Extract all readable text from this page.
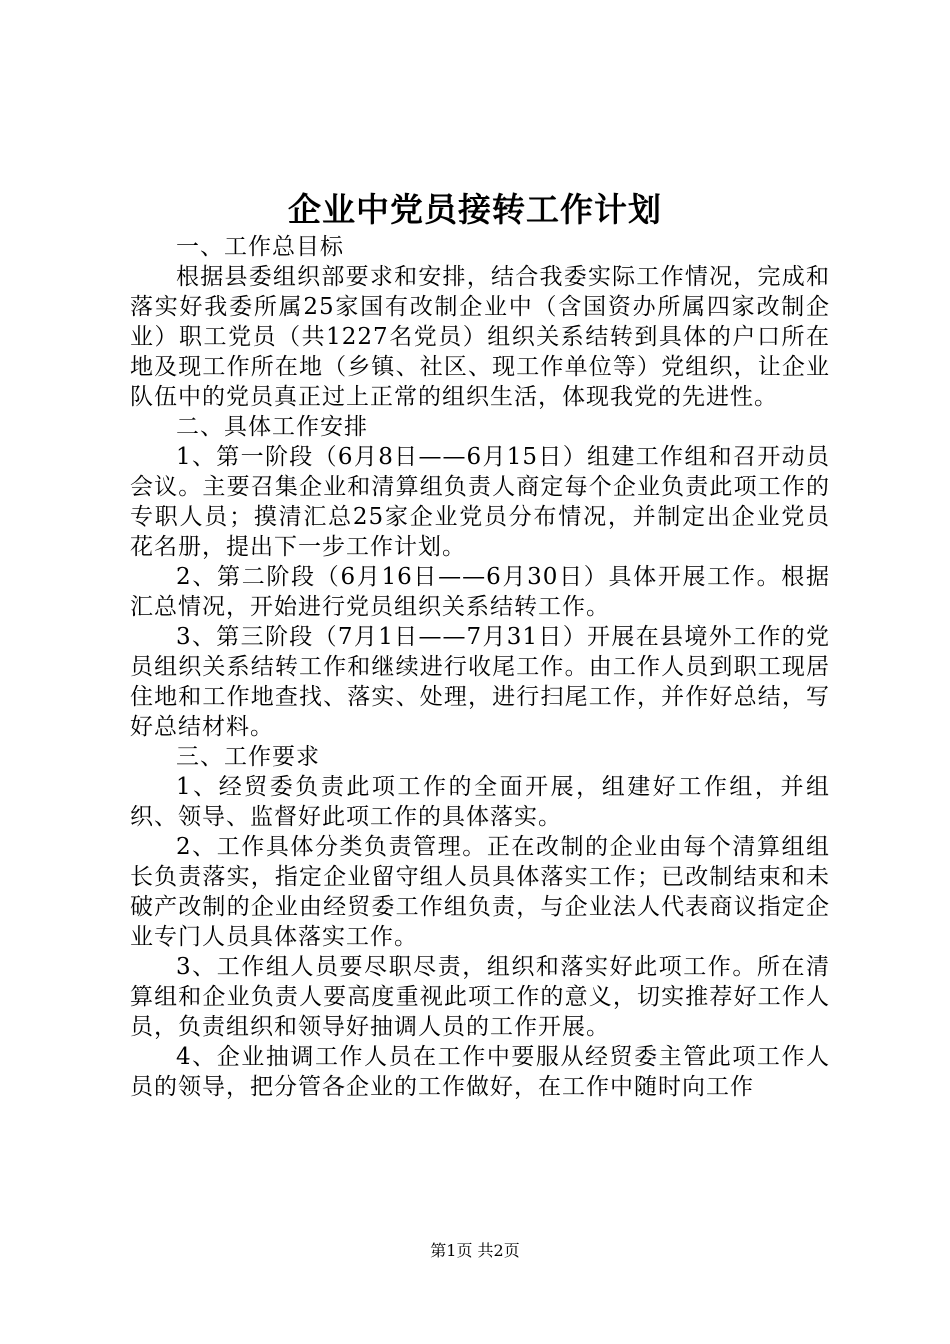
企业中党员接转工作计划

一、工作总目标

根据县委组织部要求和安排，结合我委实际工作情况，完成和落实好我委所属25家国有改制企业中（含国资办所属四家改制企业）职工党员（共1227名党员）组织关系结转到具体的户口所在地及现工作所在地（乡镇、社区、现工作单位等）党组织，让企业队伍中的党员真正过上正常的组织生活，体现我党的先进性。

二、具体工作安排

1、第一阶段（6月8日——6月15日）组建工作组和召开动员会议。主要召集企业和清算组负责人商定每个企业负责此项工作的专职人员；摸清汇总25家企业党员分布情况，并制定出企业党员花名册，提出下一步工作计划。

2、第二阶段（6月16日——6月30日）具体开展工作。根据汇总情况，开始进行党员组织关系结转工作。

3、第三阶段（7月1日——7月31日）开展在县境外工作的党员组织关系结转工作和继续进行收尾工作。由工作人员到职工现居住地和工作地查找、落实、处理，进行扫尾工作，并作好总结，写好总结材料。

三、工作要求

1、经贸委负责此项工作的全面开展，组建好工作组，并组织、领导、监督好此项工作的具体落实。

2、工作具体分类负责管理。正在改制的企业由每个清算组组长负责落实，指定企业留守组人员具体落实工作；已改制结束和未破产改制的企业由经贸委工作组负责，与企业法人代表商议指定企业专门人员具体落实工作。

3、工作组人员要尽职尽责，组织和落实好此项工作。所在清算组和企业负责人要高度重视此项工作的意义，切实推荐好工作人员，负责组织和领导好抽调人员的工作开展。

4、企业抽调工作人员在工作中要服从经贸委主管此项工作人员的领导，把分管各企业的工作做好，在工作中随时向工作

第1页 共2页
